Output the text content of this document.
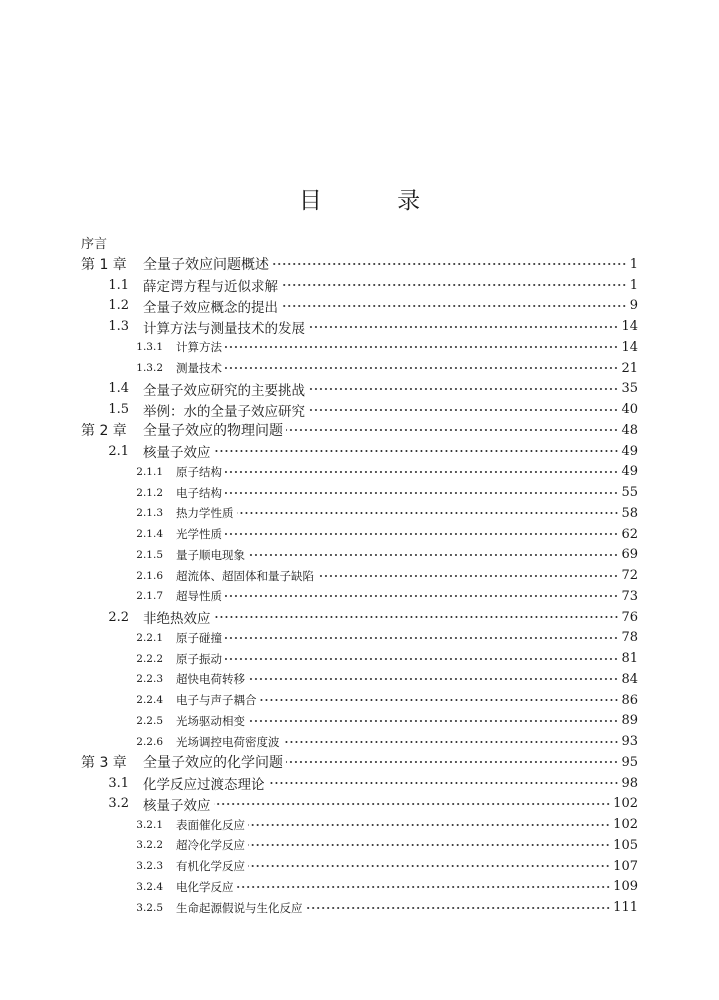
目 录
序言
第 1 章	全量子效应问题概述	1
1.1 薛定谔方程与近似求解	1
1.2 全量子效应概念的提出	9
1.3 计算方法与测量技术的发展	14
1.3.1 计算方法	14
1.3.2 测量技术	21
1.4 全量子效应研究的主要挑战	35
1.5 举例：水的全量子效应研究	40
第 2 章	全量子效应的物理问题	48
2.1 核量子效应	49
2.1.1 原子结构	49
2.1.2 电子结构	55
2.1.3 热力学性质	58
2.1.4 光学性质	62
2.1.5 量子顺电现象	69
2.1.6 超流体、超固体和量子缺陷	72
2.1.7 超导性质	73
2.2 非绝热效应	76
2.2.1 原子碰撞	78
2.2.2 原子振动	81
2.2.3 超快电荷转移	84
2.2.4 电子与声子耦合	86
2.2.5 光场驱动相变	89
2.2.6 光场调控电荷密度波	93
第 3 章	全量子效应的化学问题	95
3.1 化学反应过渡态理论	98
3.2 核量子效应	102
3.2.1 表面催化反应	102
3.2.2 超冷化学反应	105
3.2.3 有机化学反应	107
3.2.4 电化学反应	109
3.2.5 生命起源假说与生化反应	111
